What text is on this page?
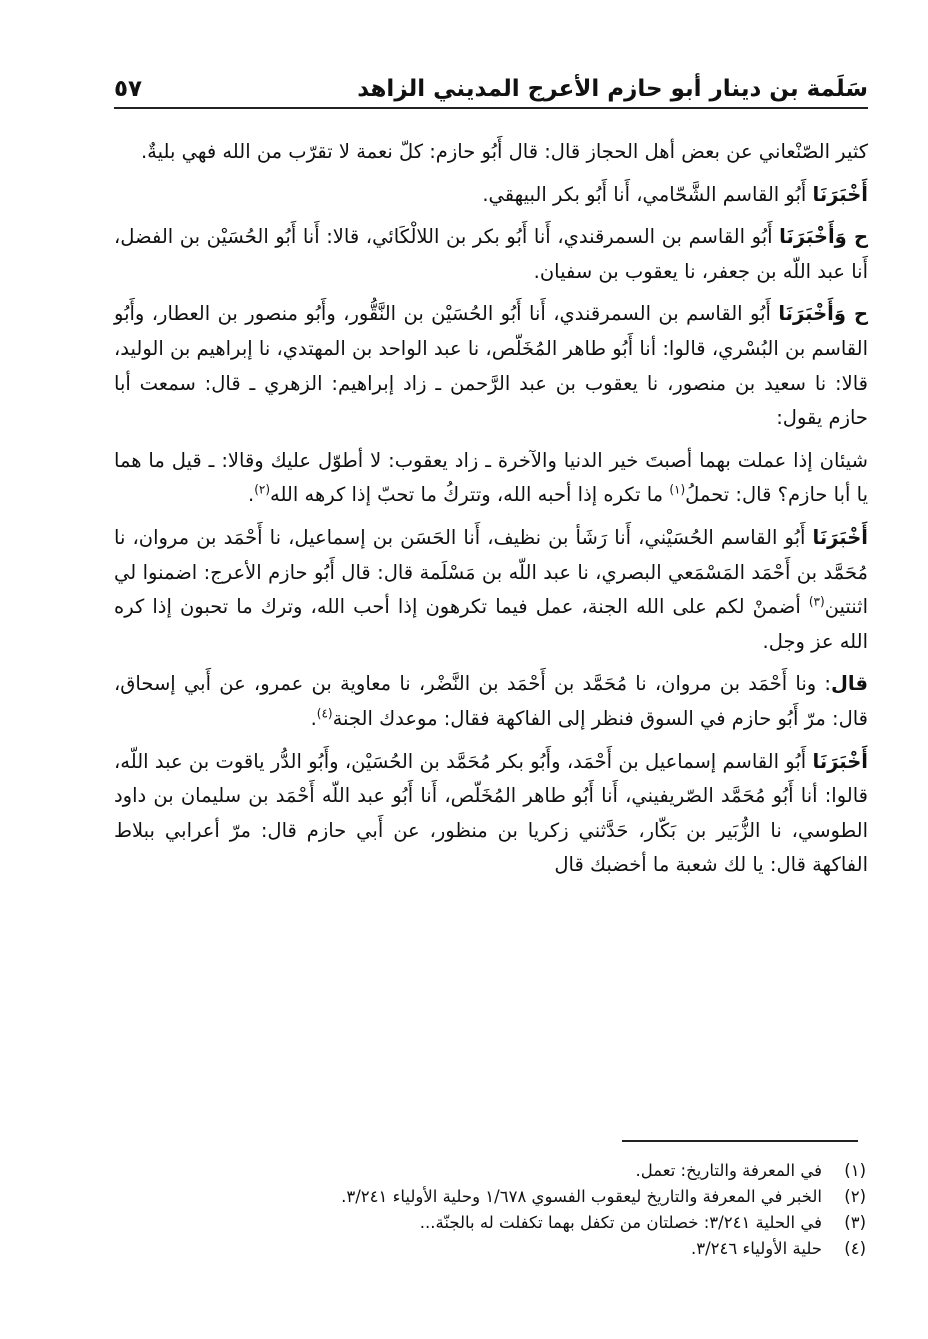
سَلَمة بن دينار أبو حازم الأعرج المديني الزاهد
٥٧

كثير الصّنْعاني عن بعض أهل الحجاز قال: قال أَبُو حازم: كلّ نعمة لا تقرّب من الله فهي بليةٌ.

أَخْبَرَنَا أَبُو القاسم الشَّحّامي، أَنا أَبُو بكر البيهقي.

ح وَأَخْبَرَنَا أَبُو القاسم بن السمرقندي، أَنا أَبُو بكر بن اللالْكَائي، قالا: أَنا أَبُو الحُسَيْن بن الفضل، أَنا عبد اللّه بن جعفر، نا يعقوب بن سفيان.

ح وَأَخْبَرَنَا أَبُو القاسم بن السمرقندي، أَنا أَبُو الحُسَيْن بن النَّقُّور، وأَبُو منصور بن العطار، وأَبُو القاسم بن البُسْري، قالوا: أنا أَبُو طاهر المُخَلّص، نا عبد الواحد بن المهتدي، نا إبراهيم بن الوليد، قالا: نا سعيد بن منصور، نا يعقوب بن عبد الرَّحمن ـ زاد إبراهيم: الزهري ـ قال: سمعت أبا حازم يقول:

شيئان إذا عملت بهما أصبتَ خير الدنيا والآخرة ـ زاد يعقوب: لا أطوّل عليك وقالا: ـ قيل ما هما يا أبا حازم؟ قال: تحملُ$^{(١)}$ ما تكره إذا أحبه الله، وتتركُ ما تحبّ إذا كرهه الله$^{(٢)}$.

أَخْبَرَنَا أَبُو القاسم الحُسَيْني، أَنا رَشَأ بن نظيف، أَنا الحَسَن بن إسماعيل، نا أَحْمَد بن مروان، نا مُحَمَّد بن أَحْمَد المَسْمَعي البصري، نا عبد اللّه بن مَسْلَمة قال: قال أَبُو حازم الأعرج: اضمنوا لي اثنتين$^{(٣)}$ أضمنْ لكم على الله الجنة، عمل فيما تكرهون إذا أحب الله، وترك ما تحبون إذا كره الله عز وجل.

قال: ونا أَحْمَد بن مروان، نا مُحَمَّد بن أَحْمَد بن النَّضْر، نا معاوية بن عمرو، عن أَبي إسحاق، قال: مرّ أَبُو حازم في السوق فنظر إلى الفاكهة فقال: موعدك الجنة$^{(٤)}$.

أَخْبَرَنَا أَبُو القاسم إسماعيل بن أَحْمَد، وأَبُو بكر مُحَمَّد بن الحُسَيْن، وأَبُو الدُّر ياقوت بن عبد اللّه، قالوا: أنا أَبُو مُحَمَّد الصّريفيني، أَنا أَبُو طاهر المُخَلّص، أَنا أَبُو عبد اللّه أَحْمَد بن سليمان بن داود الطوسي، نا الزُّبَير بن بَكّار، حَدَّثني زكريا بن منظور، عن أَبي حازم قال: مرّ أعرابي ببلاط الفاكهة قال: يا لك شعبة ما أخضبك قال

(١)
في المعرفة والتاريخ: تعمل.
(٢)
الخبر في المعرفة والتاريخ ليعقوب الفسوي ١/٦٧٨ وحلية الأولياء ٣/٢٤١.
(٣)
في الحلية ٣/٢٤١: خصلتان من تكفل بهما تكفلت له بالجنّة...
(٤)
حلية الأولياء ٣/٢٤٦.
